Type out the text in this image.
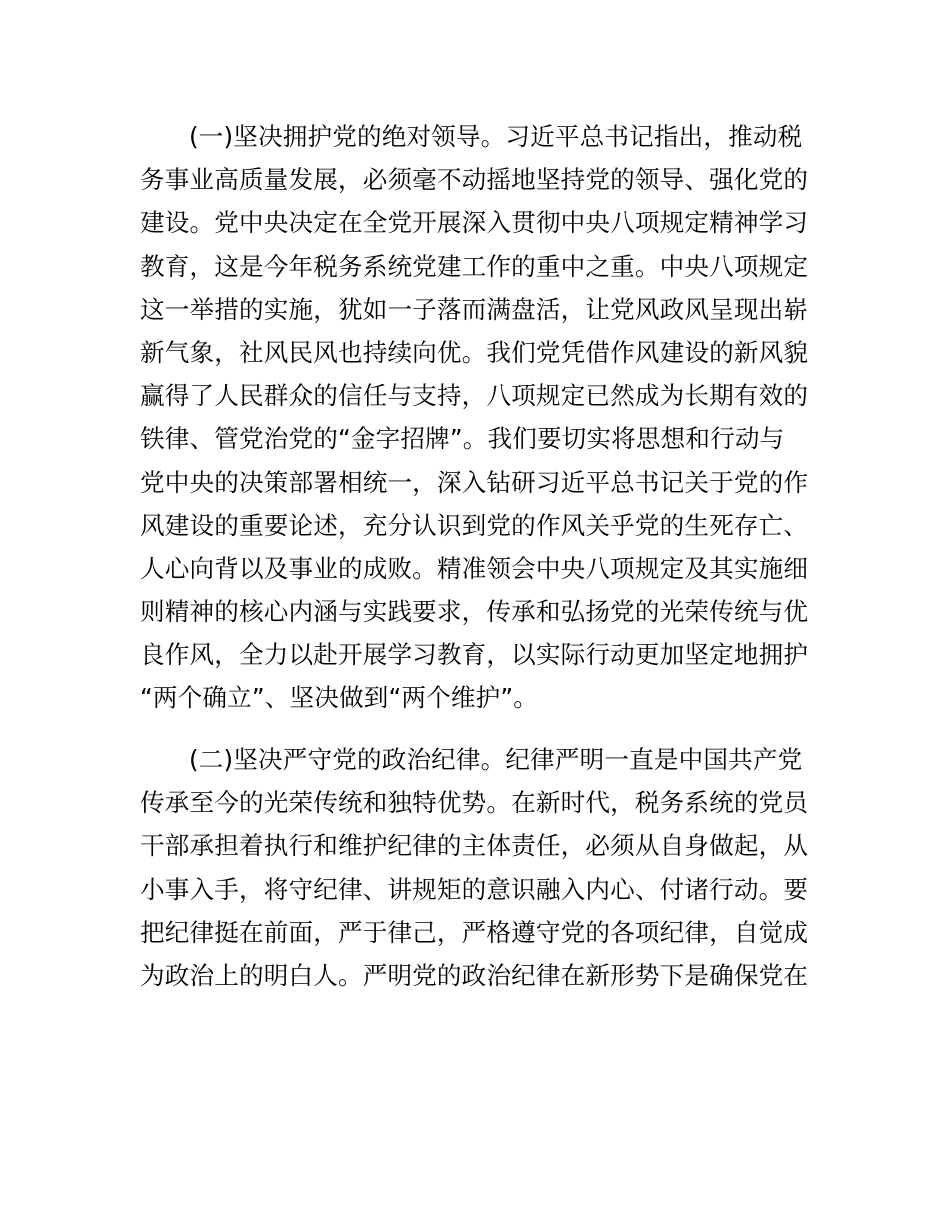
(一)坚决拥护党的绝对领导。习近平总书记指出，推动税
务事业高质量发展，必须毫不动摇地坚持党的领导、强化党的
建设。党中央决定在全党开展深入贯彻中央八项规定精神学习
教育，这是今年税务系统党建工作的重中之重。中央八项规定
这一举措的实施，犹如一子落而满盘活，让党风政风呈现出崭
新气象，社风民风也持续向优。我们党凭借作风建设的新风貌
赢得了人民群众的信任与支持，八项规定已然成为长期有效的
铁律、管党治党的“金字招牌”。我们要切实将思想和行动与
党中央的决策部署相统一，深入钻研习近平总书记关于党的作
风建设的重要论述，充分认识到党的作风关乎党的生死存亡、
人心向背以及事业的成败。精准领会中央八项规定及其实施细
则精神的核心内涵与实践要求，传承和弘扬党的光荣传统与优
良作风，全力以赴开展学习教育，以实际行动更加坚定地拥护
“两个确立”、坚决做到“两个维护”。
(二)坚决严守党的政治纪律。纪律严明一直是中国共产党
传承至今的光荣传统和独特优势。在新时代，税务系统的党员
干部承担着执行和维护纪律的主体责任，必须从自身做起，从
小事入手，将守纪律、讲规矩的意识融入内心、付诸行动。要
把纪律挺在前面，严于律己，严格遵守党的各项纪律，自觉成
为政治上的明白人。严明党的政治纪律在新形势下是确保党在
